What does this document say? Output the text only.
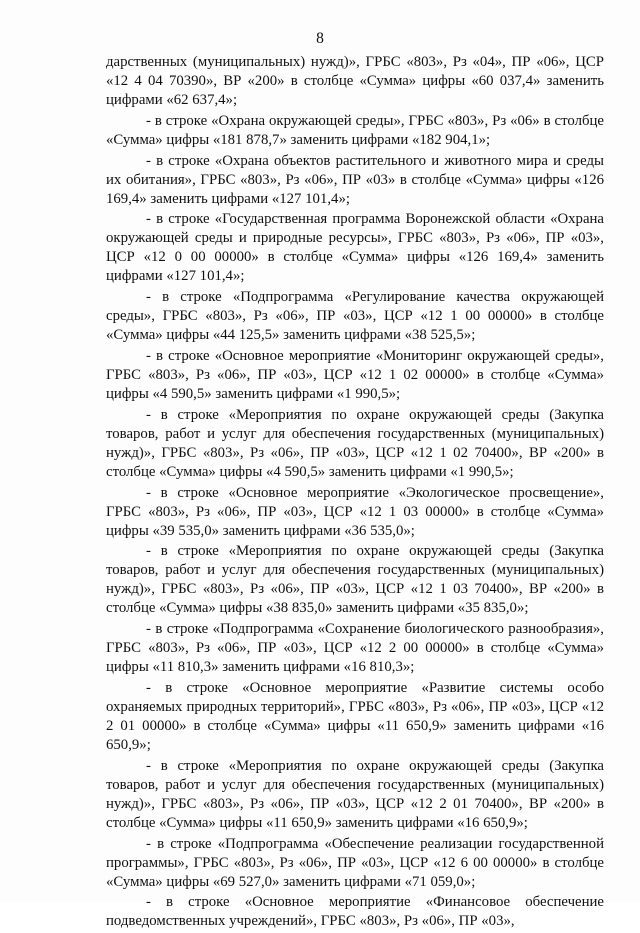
8

дарственных (муниципальных) нужд)», ГРБС «803», Рз «04», ПР «06», ЦСР «12 4 04 70390», ВР «200» в столбце «Сумма» цифры «60 037,4» заменить цифрами «62 637,4»;

- в строке «Охрана окружающей среды», ГРБС «803», Рз «06» в столбце «Сумма» цифры «181 878,7» заменить цифрами «182 904,1»;

- в строке «Охрана объектов растительного и животного мира и среды их обитания», ГРБС «803», Рз «06», ПР «03» в столбце «Сумма» цифры «126 169,4» заменить цифрами «127 101,4»;

- в строке «Государственная программа Воронежской области «Охрана окружающей среды и природные ресурсы», ГРБС «803», Рз «06», ПР «03», ЦСР «12 0 00 00000» в столбце «Сумма» цифры «126 169,4» заменить цифрами «127 101,4»;

- в строке «Подпрограмма «Регулирование качества окружающей среды», ГРБС «803», Рз «06», ПР «03», ЦСР «12 1 00 00000» в столбце «Сумма» цифры «44 125,5» заменить цифрами «38 525,5»;

- в строке «Основное мероприятие «Мониторинг окружающей среды», ГРБС «803», Рз «06», ПР «03», ЦСР «12 1 02 00000» в столбце «Сумма» цифры «4 590,5» заменить цифрами «1 990,5»;

- в строке «Мероприятия по охране окружающей среды (Закупка товаров, работ и услуг для обеспечения государственных (муниципальных) нужд)», ГРБС «803», Рз «06», ПР «03», ЦСР «12 1 02 70400», ВР «200» в столбце «Сумма» цифры «4 590,5» заменить цифрами «1 990,5»;

- в строке «Основное мероприятие «Экологическое просвещение», ГРБС «803», Рз «06», ПР «03», ЦСР «12 1 03 00000» в столбце «Сумма» цифры «39 535,0» заменить цифрами «36 535,0»;

- в строке «Мероприятия по охране окружающей среды (Закупка товаров, работ и услуг для обеспечения государственных (муниципальных) нужд)», ГРБС «803», Рз «06», ПР «03», ЦСР «12 1 03 70400», ВР «200» в столбце «Сумма» цифры «38 835,0» заменить цифрами «35 835,0»;

- в строке «Подпрограмма «Сохранение биологического разнообразия», ГРБС «803», Рз «06», ПР «03», ЦСР «12 2 00 00000» в столбце «Сумма» цифры «11 810,3» заменить цифрами «16 810,3»;

- в строке «Основное мероприятие «Развитие системы особо охраняемых природных территорий», ГРБС «803», Рз «06», ПР «03», ЦСР «12 2 01 00000» в столбце «Сумма» цифры «11 650,9» заменить цифрами «16 650,9»;

- в строке «Мероприятия по охране окружающей среды (Закупка товаров, работ и услуг для обеспечения государственных (муниципальных) нужд)», ГРБС «803», Рз «06», ПР «03», ЦСР «12 2 01 70400», ВР «200» в столбце «Сумма» цифры «11 650,9» заменить цифрами «16 650,9»;

- в строке «Подпрограмма «Обеспечение реализации государственной программы», ГРБС «803», Рз «06», ПР «03», ЦСР «12 6 00 00000» в столбце «Сумма» цифры «69 527,0» заменить цифрами «71 059,0»;

- в строке «Основное мероприятие «Финансовое обеспечение подведомственных учреждений», ГРБС «803», Рз «06», ПР «03»,
